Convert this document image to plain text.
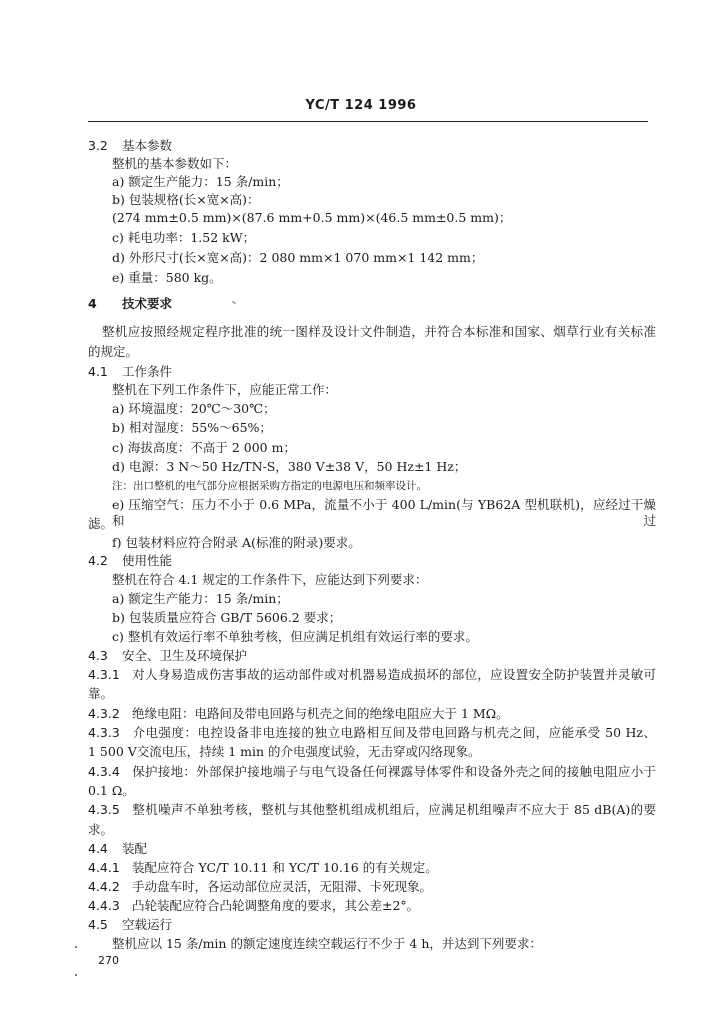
YC/T 124 1996
3.2 基本参数
整机的基本参数如下：
a) 额定生产能力：15 条/min；
b) 包装规格(长×宽×高)：
(274 mm±0.5 mm)×(87.6 mm+0.5 mm)×(46.5 mm±0.5 mm)；
c) 耗电功率：1.52 kW；
d) 外形尺寸(长×宽×高)：2 080 mm×1 070 mm×1 142 mm；
e) 重量：580 kg。
4 技术要求
整机应按照经规定程序批准的统一图样及设计文件制造，并符合本标准和国家、烟草行业有关标准
的规定。
4.1 工作条件
整机在下列工作条件下，应能正常工作：
a) 环境温度：20℃～30℃；
b) 相对湿度：55%～65%；
c) 海拔高度：不高于 2 000 m；
d) 电源：3 N～50 Hz/TN-S，380 V±38 V，50 Hz±1 Hz；
注：出口整机的电气部分应根据采购方指定的电源电压和频率设计。
e) 压缩空气：压力不小于 0.6 MPa，流量不小于 400 L/min(与 YB62A 型机联机)，应经过干燥和过
滤。
f) 包装材料应符合附录 A(标准的附录)要求。
4.2 使用性能
整机在符合 4.1 规定的工作条件下，应能达到下列要求：
a) 额定生产能力：15 条/min；
b) 包装质量应符合 GB/T 5606.2 要求；
c) 整机有效运行率不单独考核，但应满足机组有效运行率的要求。
4.3 安全、卫生及环境保护
4.3.1 对人身易造成伤害事故的运动部件或对机器易造成损坏的部位，应设置安全防护装置并灵敏可
靠。
4.3.2 绝缘电阻：电路间及带电回路与机壳之间的绝缘电阻应大于 1 MΩ。
4.3.3 介电强度：电控设备非电连接的独立电路相互间及带电回路与机壳之间，应能承受 50 Hz、
1 500 V交流电压，持续 1 min 的介电强度试验，无击穿或闪络现象。
4.3.4 保护接地：外部保护接地端子与电气设备任何裸露导体零件和设备外壳之间的接触电阻应小于
0.1 Ω。
4.3.5 整机噪声不单独考核，整机与其他整机组成机组后，应满足机组噪声不应大于 85 dB(A)的要
求。
4.4 装配
4.4.1 装配应符合 YC/T 10.11 和 YC/T 10.16 的有关规定。
4.4.2 手动盘车时，各运动部位应灵活，无阻滞、卡死现象。
4.4.3 凸轮装配应符合凸轮调整角度的要求，其公差±2°。
4.5 空载运行
整机应以 15 条/min 的额定速度连续空载运行不少于 4 h，并达到下列要求：
270
